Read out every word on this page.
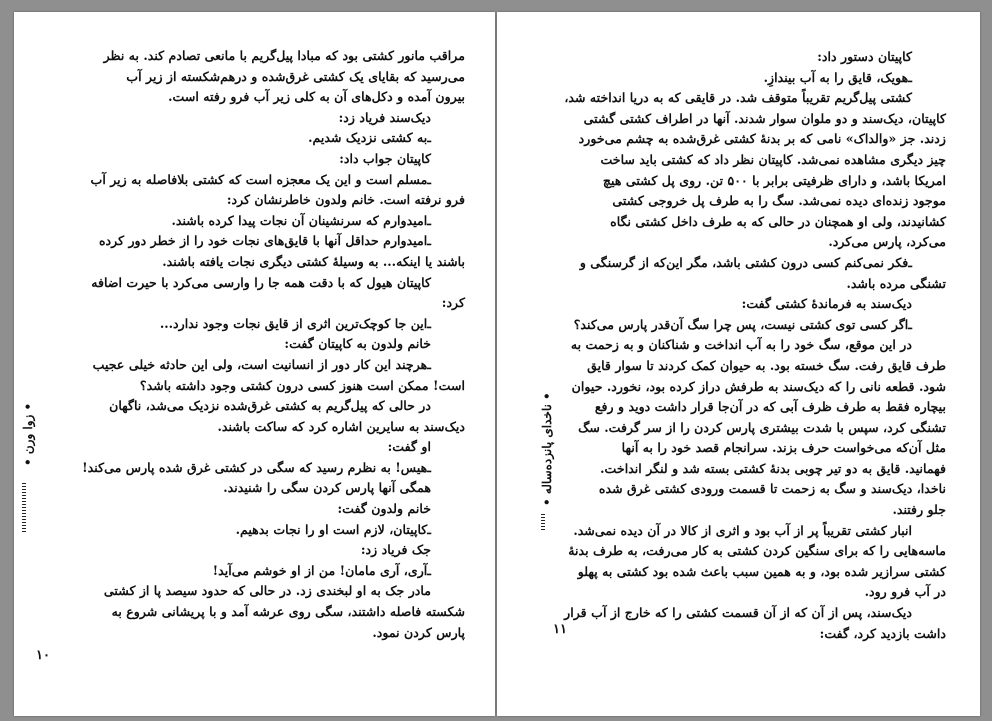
مراقب مانور کشتی بود که مبادا پیل‌گریم با مانعی تصادم کند. به نظر

می‌رسید که بقایای یک کشتی غرق‌شده و درهم‌شکسته از زیر آب

بیرون آمده و دکل‌های آن به کلی زیر آب فرو رفته است.

دیک‌سند فریاد زد:

ـ‌به کشتی نزدیک شدیم.

کاپیتان جواب داد:

ـ‌مسلم است و این یک معجزه است که کشتی بلافاصله به زیر آب

فرو نرفته است. خانم ولدون خاطرنشان کرد:

ـ‌امیدوارم که سرنشینان آن نجات پیدا کرده باشند.

ـ‌امیدوارم حداقل آنها با قایق‌های نجات خود را از خطر دور کرده

باشند یا اینکه... به وسیلهٔ کشتی دیگری نجات یافته باشند.

کاپیتان هیول که با دقت همه جا را وارسی می‌کرد با حیرت اضافه

کرد:

ـ‌این جا کوچک‌ترین اثری از قایق نجات وجود ندارد...

خانم ولدون به کاپیتان گفت:

ـ‌هرچند این کار دور از انسانیت است، ولی این حادثه خیلی عجیب

است! ممکن است هنوز کسی درون کشتی وجود داشته باشد؟

در حالی که پیل‌گریم به کشتی غرق‌شده نزدیک می‌شد، ناگهان

دیک‌سند به سایرین اشاره کرد که ساکت باشند.

او گفت:

ـ‌هیس! به نظرم رسید که سگی در کشتی غرق شده پارس می‌کند!

همگی آنها پارس کردن سگی را شنیدند.

خانم ولدون گفت:

ـ‌کاپیتان، لازم است او را نجات بدهیم.

جک فریاد زد:

ـ‌آری، آری ماما‌ن! من از او خوشم می‌آید!

مادر جک به او لبخندی زد. در حالی که حدود سیصد پا از کشتی

شکسته فاصله داشتند، سگی روی عرشه آمد و با پریشانی شروع به

پارس کردن نمود.

• زوا ورن •
۱۰

کاپیتان دستور داد:

ـ‌هویک، قایق را به آب بیندازِ.

کشتی پیل‌گریم تقریباً متوقف شد. در قایقی که به دریا انداخته شد،

کاپیتان، دیک‌سند و دو ملوان سوار شدند. آنها در اطراف کشتی گشتی

زدند. جز «والداک» نامی که بر بدنهٔ کشتی غرق‌شده به چشم می‌خورد

چیز دیگری مشاهده نمی‌شد. کاپیتان نظر داد که کشتی باید ساخت

امریکا باشد، و دارای ظرفیتی برابر با ۵۰۰ تن. روی پل کشتی هیچ

موجود زنده‌ای دیده نمی‌شد. سگ را به طرف پل خروجی کشتی

کشانیدند، ولی او همچنان در حالی که به طرف داخل کشتی نگاه

می‌کرد، پارس می‌کرد.

ـ‌فکر نمی‌کنم کسی درون کشتی باشد، مگر این‌که از گرسنگی و

تشنگی مرده باشد.

دیک‌سند به فرماندهٔ کشتی گفت:

ـ‌اگر کسی توی کشتی نیست، پس چرا سگ آن‌قدر پارس می‌کند؟

در این موقع، سگ خود را به آب انداخت و شناکنان و به زحمت به

طرف قایق رفت. سگ خسته بود. به حیوان کمک کردند تا سوار قایق

شود. قطعه نانی را که دیک‌سند به طرفش دراز کرده بود، نخورد. حیوان

بیچاره فقط به طرف ظرف آبی که در آن‌جا قرار داشت دوید و رفع

تشنگی کرد، سپس با شدت بیشتری پارس کردن را از سر گرفت. سگ

مثل آن‌که می‌خواست حرف بزند. سرانجام قصد خود را به آنها

فهمانید. قایق به دو تیر چوبی بدنهٔ کشتی بسته شد و لنگر انداخت.

ناخدا، دیک‌سند و سگ به زحمت تا قسمت ورودی کشتی غرق شده

جلو رفتند.

انبار کشتی تقریباً پر از آب بود و اثری از کالا در آن دیده نمی‌شد.

ماسه‌هایی را که برای سنگین کردن کشتی به کار می‌رفت، به طرف بدنهٔ

کشتی سرازیر شده بود، و به همین سبب باعث شده بود کشتی به پهلو

در آب فرو رود.

دیک‌سند، پس از آن که از آن قسمت کشتی را که خارج از آب قرار

داشت بازدید کرد، گفت:

• ناخدای پانزده‌ساله •
۱۱
